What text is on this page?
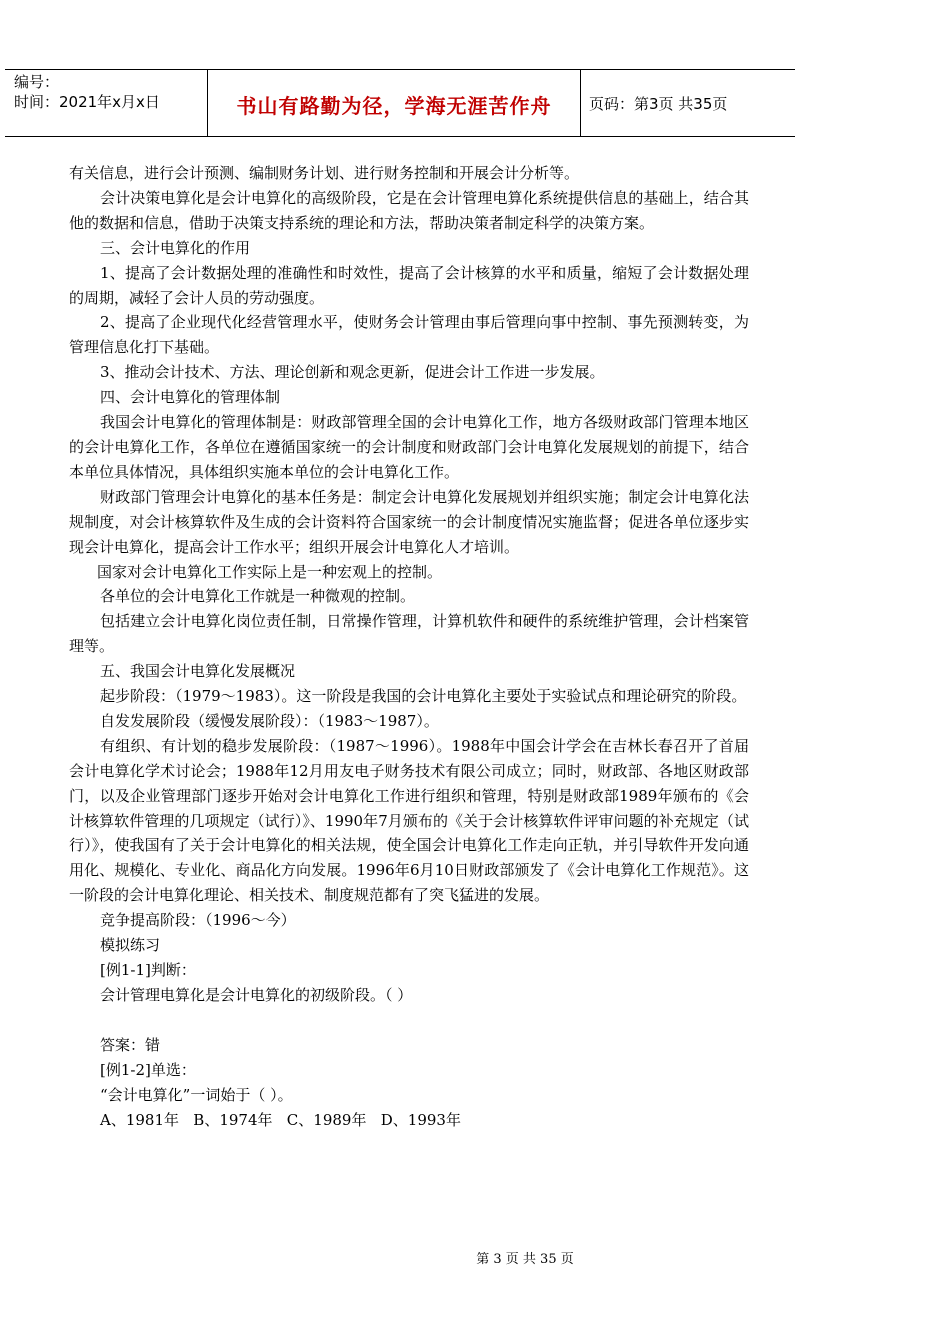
编号：
时间：2021年x月x日	书山有路勤为径，学海无涯苦作舟	页码：第3页 共35页

有关信息，进行会计预测、编制财务计划、进行财务控制和开展会计分析等。

会计决策电算化是会计电算化的高级阶段，它是在会计管理电算化系统提供信息的基础上，结合其他的数据和信息，借助于决策支持系统的理论和方法，帮助决策者制定科学的决策方案。

三、会计电算化的作用

1、提高了会计数据处理的准确性和时效性，提高了会计核算的水平和质量，缩短了会计数据处理的周期，减轻了会计人员的劳动强度。

2、提高了企业现代化经营管理水平，使财务会计管理由事后管理向事中控制、事先预测转变，为管理信息化打下基础。

3、推动会计技术、方法、理论创新和观念更新，促进会计工作进一步发展。

四、会计电算化的管理体制

我国会计电算化的管理体制是：财政部管理全国的会计电算化工作，地方各级财政部门管理本地区的会计电算化工作，各单位在遵循国家统一的会计制度和财政部门会计电算化发展规划的前提下，结合本单位具体情况，具体组织实施本单位的会计电算化工作。

财政部门管理会计电算化的基本任务是：制定会计电算化发展规划并组织实施；制定会计电算化法规制度，对会计核算软件及生成的会计资料符合国家统一的会计制度情况实施监督；促进各单位逐步实现会计电算化，提高会计工作水平；组织开展会计电算化人才培训。

国家对会计电算化工作实际上是一种宏观上的控制。

各单位的会计电算化工作就是一种微观的控制。

包括建立会计电算化岗位责任制，日常操作管理，计算机软件和硬件的系统维护管理，会计档案管理等。

五、我国会计电算化发展概况

起步阶段：（1979～1983）。这一阶段是我国的会计电算化主要处于实验试点和理论研究的阶段。

自发发展阶段（缓慢发展阶段）：（1983～1987）。

有组织、有计划的稳步发展阶段：（1987～1996）。1988年中国会计学会在吉林长春召开了首届会计电算化学术讨论会；1988年12月用友电子财务技术有限公司成立；同时，财政部、各地区财政部门，以及企业管理部门逐步开始对会计电算化工作进行组织和管理，特别是财政部1989年颁布的《会计核算软件管理的几项规定（试行）》、1990年7月颁布的《关于会计核算软件评审问题的补充规定（试行）》，使我国有了关于会计电算化的相关法规，使全国会计电算化工作走向正轨，并引导软件开发向通用化、规模化、专业化、商品化方向发展。1996年6月10日财政部颁发了《会计电算化工作规范》。这一阶段的会计电算化理论、相关技术、制度规范都有了突飞猛进的发展。

竞争提高阶段：（1996～今）

模拟练习

[例1-1]判断：

会计管理电算化是会计电算化的初级阶段。（ ）

答案：错

[例1-2]单选：

“会计电算化”一词始于（ ）。

A、1981年   B、1974年   C、1989年   D、1993年

第 3 页 共 35 页
